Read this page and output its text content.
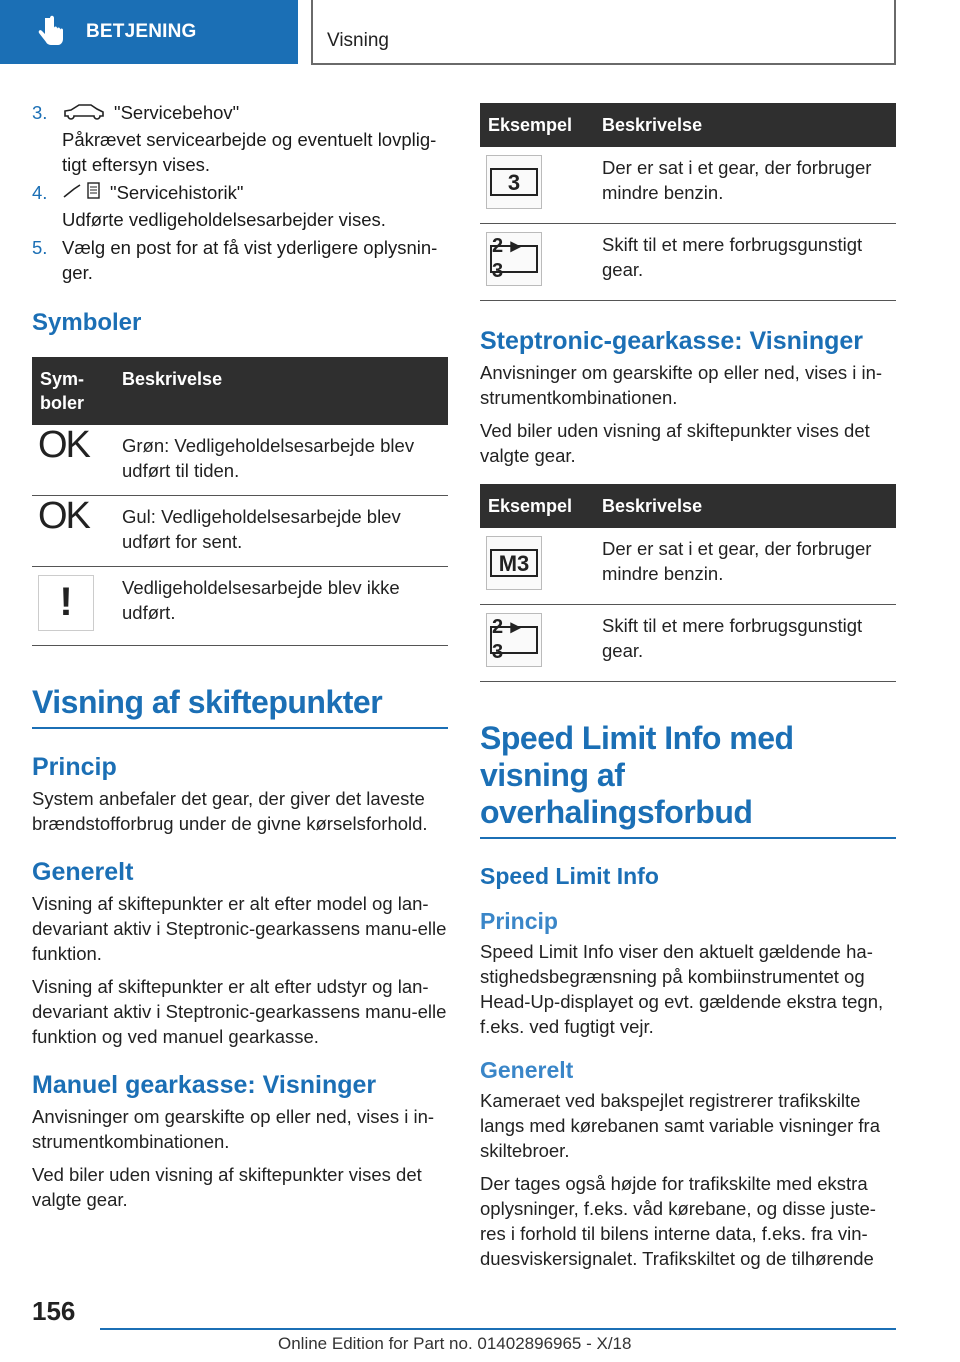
BETJENING	Visning
3.	"Servicebehov"
Påkrævet servicearbejde og eventuelt lovplig-tigt eftersyn vises.
4.	"Servicehistorik"
Udførte vedligeholdelsesarbejder vises.
5. Vælg en post for at få vist yderligere oplysnin-ger.
Symboler
Sym-boler	Beskrivelse
OK	Grøn: Vedligeholdelsesarbejde blev udført til tiden.
OK	Gul: Vedligeholdelsesarbejde blev udført for sent.

!	Vedligeholdelsesarbejde blev ikke udført.
Visning af skiftepunkter
Princip

System anbefaler det gear, der giver det laveste brændstofforbrug under de givne kørselsforhold.

Generelt

Visning af skiftepunkter er alt efter model og lan-devariant aktiv i Steptronic-gearkassens manu-elle funktion.

Visning af skiftepunkter er alt efter udstyr og lan-devariant aktiv i Steptronic-gearkassens manu-elle funktion og ved manuel gearkasse.

Manuel gearkasse: Visninger

Anvisninger om gearskifte op eller ned, vises i in-strumentkombinationen.

Ved biler uden visning af skiftepunkter vises det valgte gear.

Eksempel	Beskrivelse

3	Der er sat i et gear, der forbruger mindre benzin.

2 ▸ 3	Skift til et mere forbrugsgunstigt gear.
Steptronic-gearkasse: Visninger

Anvisninger om gearskifte op eller ned, vises i in-strumentkombinationen.

Ved biler uden visning af skiftepunkter vises det valgte gear.

Eksempel	Beskrivelse

M3	Der er sat i et gear, der forbruger mindre benzin.

2 ▸ 3	Skift til et mere forbrugsgunstigt gear.
Speed Limit Info med visning af overhalingsforbud
Speed Limit Info
Princip

Speed Limit Info viser den aktuelt gældende ha-stighedsbegrænsning på kombiinstrumentet og Head-Up-displayet og evt. gældende ekstra tegn, f.eks. ved fugtigt vejr.

Generelt

Kameraet ved bakspejlet registrerer trafikskilte langs med kørebanen samt variable visninger fra skiltebroer.

Der tages også højde for trafikskilte med ekstra oplysninger, f.eks. våd kørebane, og disse juste-res i forhold til bilens interne data, f.eks. fra vin-duesviskersignalet. Trafikskiltet og de tilhørende

156
Online Edition for Part no. 01402896965 - X/18
